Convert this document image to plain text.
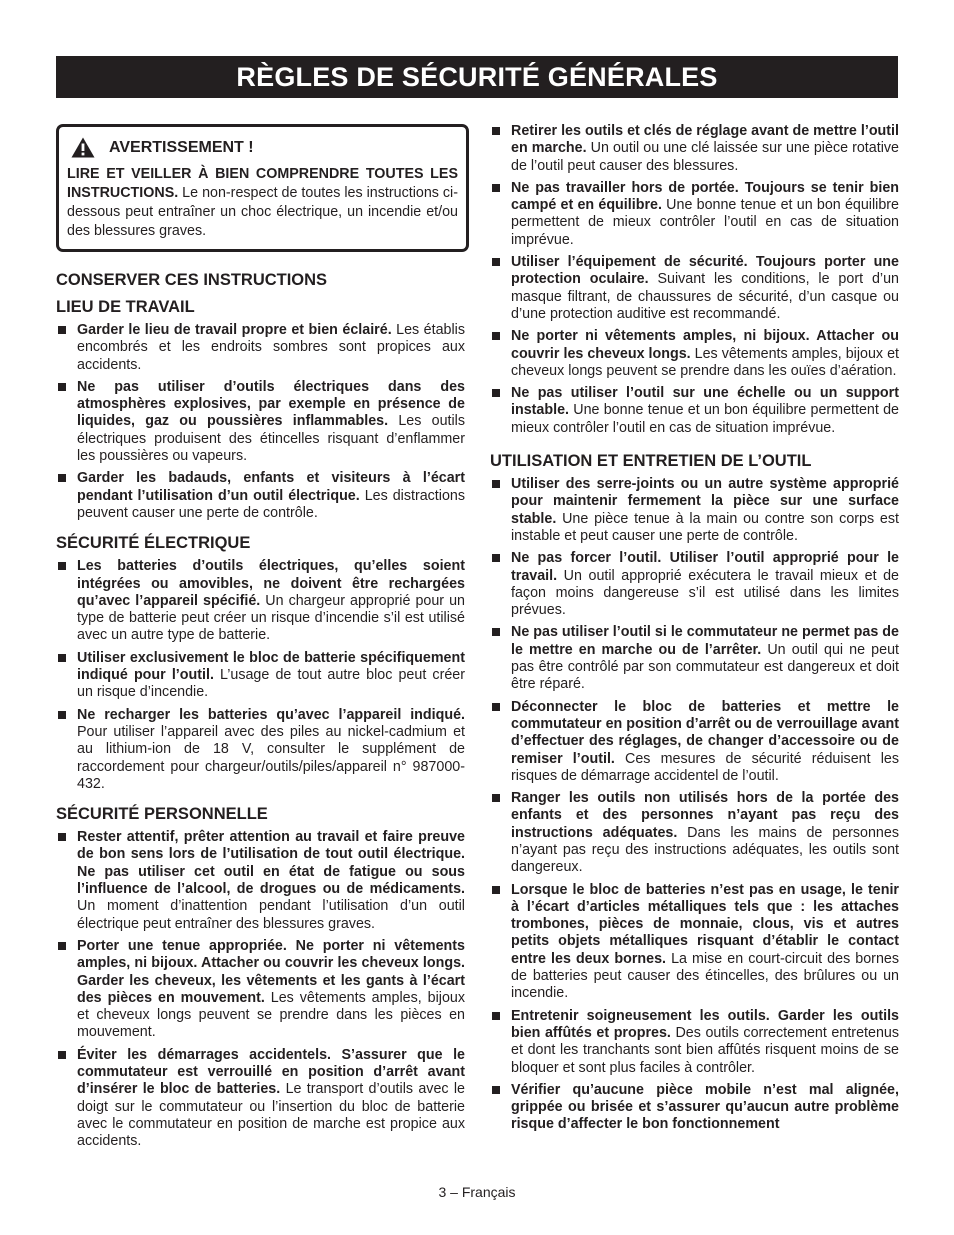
RÈGLES DE SÉCURITÉ GÉNÉRALES
AVERTISSEMENT !
LIRE ET VEILLER À BIEN COMPRENDRE TOUTES LES INSTRUCTIONS. Le non-respect de toutes les instructions ci-dessous peut entraîner un choc électrique, un incendie et/ou des blessures graves.
CONSERVER CES INSTRUCTIONS
LIEU DE TRAVAIL
Garder le lieu de travail propre et bien éclairé. Les établis encombrés et les endroits sombres sont propices aux accidents.
Ne pas utiliser d’outils électriques dans des atmosphères explosives, par exemple en présence de liquides, gaz ou poussières inflammables. Les outils électriques produisent des étincelles risquant d’enflammer les poussières ou vapeurs.
Garder les badauds, enfants et visiteurs à l’écart pendant l’utilisation d’un outil électrique. Les distractions peuvent causer une perte de contrôle.
SÉCURITÉ ÉLECTRIQUE
Les batteries d’outils électriques, qu’elles soient intégrées ou amovibles, ne doivent être rechargées qu’avec l’appareil spécifié. Un chargeur approprié pour un type de batterie peut créer un risque d’incendie s’il est utilisé avec un autre type de batterie.
Utiliser exclusivement le bloc de batterie spécifiquement indiqué pour l’outil. L’usage de tout autre bloc peut créer un risque d’incendie.
Ne recharger les batteries qu’avec l’appareil indiqué. Pour utiliser l’appareil avec des piles au nickel-cadmium et au lithium-ion de 18 V, consulter le supplément de raccordement pour chargeur/outils/piles/appareil n° 987000-432.
SÉCURITÉ PERSONNELLE
Rester attentif, prêter attention au travail et faire preuve de bon sens lors de l’utilisation de tout outil électrique. Ne pas utiliser cet outil en état de fatigue ou sous l’influence de l’alcool, de drogues ou de médicaments. Un moment d’inattention pendant l’utilisation d’un outil électrique peut entraîner des blessures graves.
Porter une tenue appropriée. Ne porter ni vêtements amples, ni bijoux. Attacher ou couvrir les cheveux longs. Garder les cheveux, les vêtements et les gants à l’écart des pièces en mouvement. Les vêtements amples, bijoux et cheveux longs peuvent se prendre dans les pièces en mouvement.
Éviter les démarrages accidentels. S’assurer que le commutateur est verrouillé en position d’arrêt avant d’insérer le bloc de batteries. Le transport d’outils avec le doigt sur le commutateur ou l’insertion du bloc de batterie avec le commutateur en position de marche est propice aux accidents.
Retirer les outils et clés de réglage avant de mettre l’outil en marche. Un outil ou une clé laissée sur une pièce rotative de l’outil peut causer des blessures.
Ne pas travailler hors de portée. Toujours se tenir bien campé et en équilibre. Une bonne tenue et un bon équilibre permettent de mieux contrôler l’outil en cas de situation imprévue.
Utiliser l’équipement de sécurité. Toujours porter une protection oculaire. Suivant les conditions, le port d’un masque filtrant, de chaussures de sécurité, d’un casque ou d’une protection auditive est recommandé.
Ne porter ni vêtements amples, ni bijoux. Attacher ou couvrir les cheveux longs. Les vêtements amples, bijoux et cheveux longs peuvent se prendre dans les ouïes d’aération.
Ne pas utiliser l’outil sur une échelle ou un support instable. Une bonne tenue et un bon équilibre permettent de mieux contrôler l’outil en cas de situation imprévue.
UTILISATION ET ENTRETIEN DE L’OUTIL
Utiliser des serre-joints ou un autre système approprié pour maintenir fermement la pièce sur une surface stable. Une pièce tenue à la main ou contre son corps est instable et peut causer une perte de contrôle.
Ne pas forcer l’outil. Utiliser l’outil approprié pour le travail. Un outil approprié exécutera le travail mieux et de façon moins dangereuse s’il est utilisé dans les limites prévues.
Ne pas utiliser l’outil si le commutateur ne permet pas de le mettre en marche ou de l’arrêter. Un outil qui ne peut pas être contrôlé par son commutateur est dangereux et doit être réparé.
Déconnecter le bloc de batteries et mettre le commutateur en position d’arrêt ou de verrouillage avant d’effectuer des réglages, de changer d’accessoire ou de remiser l’outil. Ces mesures de sécurité réduisent les risques de démarrage accidentel de l’outil.
Ranger les outils non utilisés hors de la portée des enfants et des personnes n’ayant pas reçu des instructions adéquates. Dans les mains de personnes n’ayant pas reçu des instructions adéquates, les outils sont dangereux.
Lorsque le bloc de batteries n’est pas en usage, le tenir à l’écart d’articles métalliques tels que : les attaches trombones, pièces de monnaie, clous, vis et autres petits objets métalliques risquant d’établir le contact entre les deux bornes. La mise en court-circuit des bornes de batteries peut causer des étincelles, des brûlures ou un incendie.
Entretenir soigneusement les outils. Garder les outils bien affûtés et propres. Des outils correctement entretenus et dont les tranchants sont bien affûtés risquent moins de se bloquer et sont plus faciles à contrôler.
Vérifier qu’aucune pièce mobile n’est mal alignée, grippée ou brisée et s’assurer qu’aucun autre problème risque d’affecter le bon fonctionnement
3 – Français
